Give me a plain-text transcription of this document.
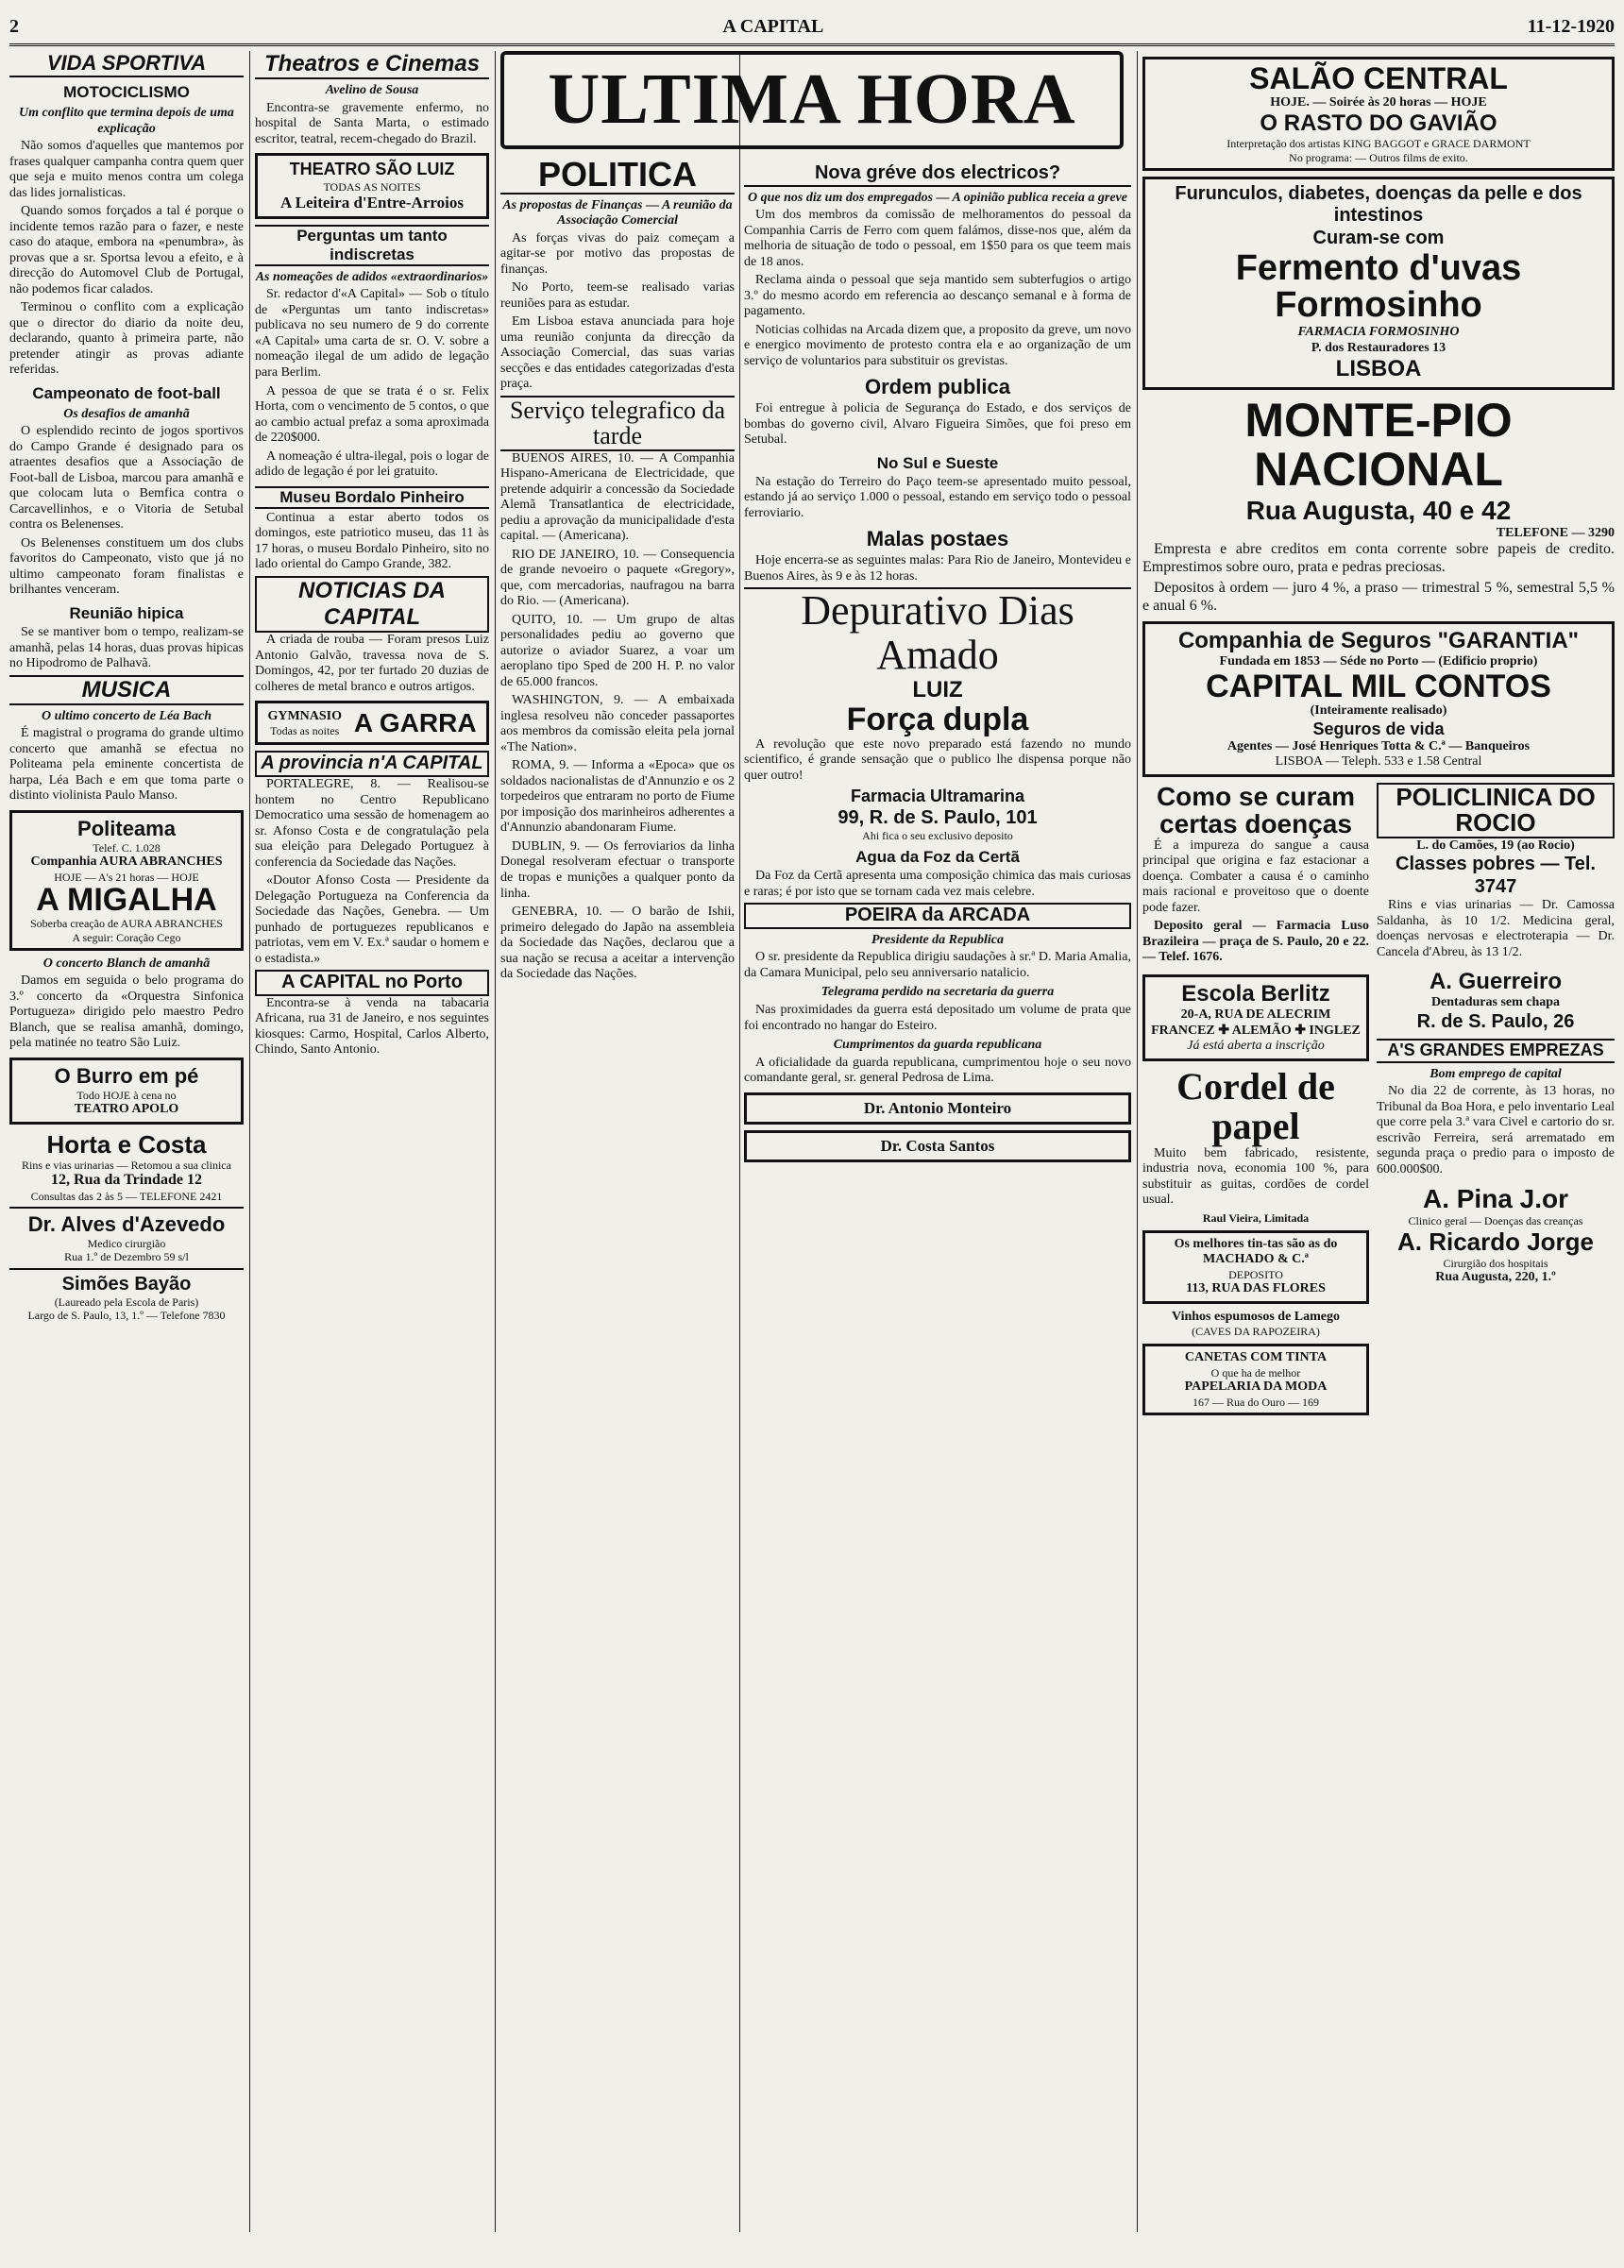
2	A CAPITAL	11-12-1920
VIDA SPORTIVA
MOTOCICLISMO
Um conflito que termina depois de uma explicação

Não somos d'aquelles que mantemos por frases qualquer campanha contra quem quer que seja e muito menos contra um colega das lides jornalisticas.

Quando somos forçados a tal é porque o incidente temos razão para o fazer, e neste caso do ataque, embora na «penumbra», às provas que a sr. Sportsa levou a efeito, e à direcção do Automovel Club de Portugal, não podemos ficar calados.

Terminou o conflito com a explicação que o director do diario da noite deu, declarando, quanto à primeira parte, não pretender atingir as provas adiante referidas.

Campeonato de foot-ball
Os desafios de amanhã

O esplendido recinto de jogos sportivos do Campo Grande é designado para os atraentes desafios que a Associação de Foot-ball de Lisboa, marcou para amanhã e que colocam luta o Bemfica contra o Carcavellinhos, e o Vitoria de Setubal contra os Belenenses.

Os Belenenses constituem um dos clubs favoritos do Campeonato, visto que já no ultimo campeonato foram finalistas e brilhantes venceram.

Reunião hipica

Se se mantiver bom o tempo, realizam-se amanhã, pelas 14 horas, duas provas hipicas no Hipodromo de Palhavã.

MUSICA
O ultimo concerto de Léa Bach

É magistral o programa do grande ultimo concerto que amanhã se efectua no Politeama pela eminente concertista de harpa, Léa Bach e em que toma parte o distinto violinista Paulo Manso.

Politeama
Telef. C. 1.028
Companhia AURA ABRANCHES
HOJE — A's 21 horas — HOJE
A MIGALHA
Soberba creação de AURA ABRANCHES
A seguir: Coração Cego
O concerto Blanch de amanhã

Damos em seguida o belo programa do 3.º concerto da «Orquestra Sinfonica Portugueza» dirigido pelo maestro Pedro Blanch, que se realisa amanhã, domingo, pela matinée no teatro São Luiz.

O Burro em pé
Todo HOJE à cena no
TEATRO APOLO
Horta e Costa
Rins e vias urinarias — Retomou a sua clinica
12, Rua da Trindade 12
Consultas das 2 às 5 — TELEFONE 2421
Dr. Alves d'Azevedo
Medico cirurgião
Rua 1.º de Dezembro 59 s/l
Simões Bayão
(Laureado pela Escola de Paris)
Largo de S. Paulo, 13, 1.º — Telefone 7830
Theatros e Cinemas
Avelino de Sousa

Encontra-se gravemente enfermo, no hospital de Santa Marta, o estimado escritor, teatral, recem-chegado do Brazil.

THEATRO SÃO LUIZ
TODAS AS NOITES
A Leiteira d'Entre-Arroios
Perguntas um tanto indiscretas
As nomeações de adidos «extraordinarios»

Sr. redactor d'«A Capital» — Sob o título de «Perguntas um tanto indiscretas» publicava no seu numero de 9 do corrente «A Capital» uma carta de sr. O. V. sobre a nomeação ilegal de um adido de legação para Berlim.

A pessoa de que se trata é o sr. Felix Horta, com o vencimento de 5 contos, o que ao cambio actual prefaz a soma aproximada de 220$000.

A nomeação é ultra-ilegal, pois o logar de adido de legação é por lei gratuito.

Museu Bordalo Pinheiro

Continua a estar aberto todos os domingos, este patriotico museu, das 11 às 17 horas, o museu Bordalo Pinheiro, sito no lado oriental do Campo Grande, 382.

NOTICIAS DA CAPITAL

A criada de rouba — Foram presos Luiz Antonio Galvão, travessa nova de S. Domingos, 42, por ter furtado 20 duzias de colheres de metal branco e outros artigos.

GYMNASIO
Todas as noites A GARRA
A provincia n'A CAPITAL

PORTALEGRE, 8. — Realisou-se hontem no Centro Republicano Democratico uma sessão de homenagem ao sr. Afonso Costa e de congratulação pela sua eleição para Delegado Portuguez à conferencia da Sociedade das Nações.

«Doutor Afonso Costa — Presidente da Delegação Portugueza na Conferencia da Sociedade das Nações, Genebra. — Um punhado de portuguezes republicanos e patriotas, vem em V. Ex.ª saudar o homem e o estadista.»

A CAPITAL no Porto

Encontra-se à venda na tabacaria Africana, rua 31 de Janeiro, e nos seguintes kiosques: Carmo, Hospital, Carlos Alberto, Chindo, Santo Antonio.

ULTIMA HORA
POLITICA
As propostas de Finanças — A reunião da Associação Comercial

As forças vivas do paiz começam a agitar-se por motivo das propostas de finanças.

No Porto, teem-se realisado varias reuniões para as estudar.

Em Lisboa estava anunciada para hoje uma reunião conjunta da direcção da Associação Comercial, das suas varias secções e das entidades categorizadas d'esta praça.

Serviço telegrafico da tarde

BUENOS AIRES, 10. — A Companhia Hispano-Americana de Electricidade, que pretende adquirir a concessão da Sociedade Alemã Transatlantica de electricidade, pediu a aprovação da municipalidade d'esta capital. — (Americana).

RIO DE JANEIRO, 10. — Consequencia de grande nevoeiro o paquete «Gregory», que, com mercadorias, naufragou na barra do Rio. — (Americana).

QUITO, 10. — Um grupo de altas personalidades pediu ao governo que autorize o aviador Suarez, a voar um aeroplano tipo Sped de 200 H. P. no valor de 65.000 francos.

WASHINGTON, 9. — A embaixada inglesa resolveu não conceder passaportes aos membros da comissão eleita pela jornal «The Nation».

ROMA, 9. — Informa a «Epoca» que os soldados nacionalistas de d'Annunzio e os 2 torpedeiros que entraram no porto de Fiume por imposição dos marinheiros adherentes a d'Annunzio abandonaram Fiume.

DUBLIN, 9. — Os ferroviarios da linha Donegal resolveram efectuar o transporte de tropas e munições a qualquer ponto da linha.

GENEBRA, 10. — O barão de Ishii, primeiro delegado do Japão na assembleia da Sociedade das Nações, declarou que a sua nação se recusa a aceitar a intervenção da Sociedade das Nações.

Nova gréve dos electricos?
O que nos diz um dos empregados — A opinião publica receia a greve

Um dos membros da comissão de melhoramentos do pessoal da Companhia Carris de Ferro com quem falámos, disse-nos que, além da melhoria de situação de todo o pessoal, em 1$50 para os que teem mais de 18 anos.

Reclama ainda o pessoal que seja mantido sem subterfugios o artigo 3.º do mesmo acordo em referencia ao descanço semanal e à forma de pagamento.

Noticias colhidas na Arcada dizem que, a proposito da greve, um novo e energico movimento de protesto contra ela e ao organização de um serviço de voluntarios para substituir os grevistas.

Ordem publica

Foi entregue à policia de Segurança do Estado, e dos serviços de bombas do governo civil, Alvaro Figueira Simões, que foi preso em Setubal.

No Sul e Sueste

Na estação do Terreiro do Paço teem-se apresentado muito pessoal, estando já ao serviço 1.000 o pessoal, estando em serviço todo o pessoal ferroviario.

Malas postaes

Hoje encerra-se as seguintes malas: Para Rio de Janeiro, Montevideu e Buenos Aires, às 9 e às 12 horas.

Depurativo Dias Amado
LUIZ
Força dupla

A revolução que este novo preparado está fazendo no mundo scientifico, é grande sensação que o publico lhe dispensa porque não quer outro!

Farmacia Ultramarina
99, R. de S. Paulo, 101
Ahi fica o seu exclusivo deposito
Agua da Foz da Certã

Da Foz da Certã apresenta uma composição chimica das mais curiosas e raras; é por isto que se tornam cada vez mais celebre.

POEIRA da ARCADA
Presidente da Republica

O sr. presidente da Republica dirigiu saudações à sr.ª D. Maria Amalia, da Camara Municipal, pelo seu anniversario natalicio.

Telegrama perdido na secretaria da guerra

Nas proximidades da guerra está depositado um volume de prata que foi encontrado no hangar do Esteiro.

Cumprimentos da guarda republicana

A oficialidade da guarda republicana, cumprimentou hoje o seu novo comandante geral, sr. general Pedrosa de Lima.

Dr. Antonio Monteiro
Dr. Costa Santos
SALÃO CENTRAL
HOJE. — Soirée às 20 horas — HOJE
O RASTO DO GAVIÃO
Interpretação dos artistas KING BAGGOT e GRACE DARMONT
No programa: — Outros films de exito.
Furunculos, diabetes, doenças da pelle e dos intestinos
Curam-se com
Fermento d'uvas Formosinho
FARMACIA FORMOSINHO
P. dos Restauradores 13
LISBOA
MONTE-PIO NACIONAL
Rua Augusta, 40 e 42
TELEFONE — 3290

Empresta e abre creditos em conta corrente sobre papeis de credito. Emprestimos sobre ouro, prata e pedras preciosas.

Depositos à ordem — juro 4 %, a praso — trimestral 5 %, semestral 5,5 % e anual 6 %.

Companhia de Seguros "GARANTIA"
Fundada em 1853 — Séde no Porto — (Edificio proprio)
CAPITAL MIL CONTOS
(Inteiramente realisado)
Seguros de vida
Agentes — José Henriques Totta & C.ª — Banqueiros
LISBOA — Teleph. 533 e 1.58 Central
Como se curam certas doenças

É a impureza do sangue a causa principal que origina e faz estacionar a doença. Combater a causa é o caminho mais racional e proveitoso que o doente pode fazer.

Deposito geral — Farmacia Luso Brazileira — praça de S. Paulo, 20 e 22. — Telef. 1676.

POLICLINICA DO ROCIO
L. do Camões, 19 (ao Rocio)
Classes pobres — Tel. 3747

Rins e vias urinarias — Dr. Camossa Saldanha, às 10 1/2. Medicina geral, doenças nervosas e electroterapia — Dr. Cancela d'Abreu, às 13 1/2.

Escola Berlitz
20-A, RUA DE ALECRIM
FRANCEZ ✚ ALEMÃO ✚ INGLEZ
Já está aberta a inscrição
Cordel de papel

Muito bem fabricado, resistente, industria nova, economia 100 %, para substituir as guitas, cordões de cordel usual.

Raul Vieira, Limitada
Os melhores tin-tas são as do MACHADO & C.ª
DEPOSITO
113, RUA DAS FLORES
Vinhos espumosos de Lamego
(CAVES DA RAPOZEIRA)
CANETAS COM TINTA
O que ha de melhor
PAPELARIA DA MODA
167 — Rua do Ouro — 169
A. Guerreiro
Dentaduras sem chapa
R. de S. Paulo, 26
A'S GRANDES EMPREZAS
Bom emprego de capital

No dia 22 de corrente, às 13 horas, no Tribunal da Boa Hora, e pelo inventario Leal que corre pela 3.ª vara Civel e cartorio do sr. escrivão Ferreira, será arrematado em segunda praça o predio para o imposto de 600.000$00.

A. Pina J.or
Clinico geral — Doenças das creanças
A. Ricardo Jorge
Cirurgião dos hospitais
Rua Augusta, 220, 1.º
